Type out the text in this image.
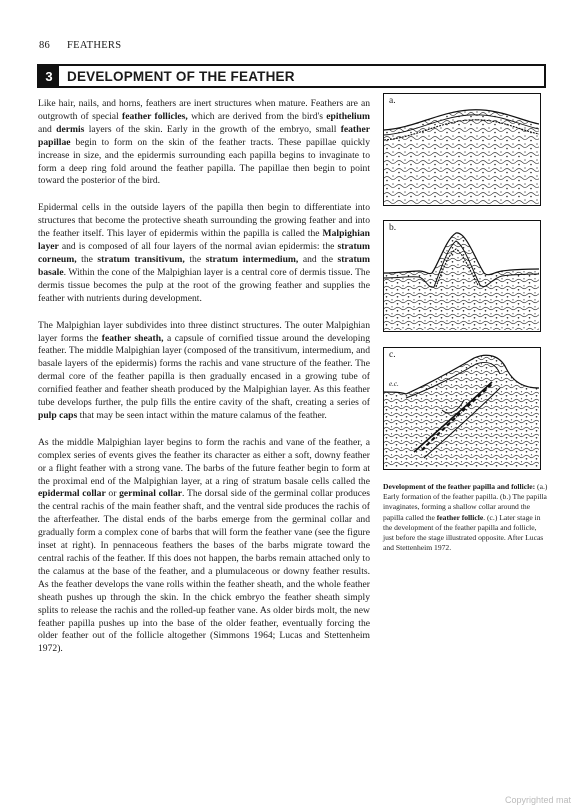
86 FEATHERS
3	DEVELOPMENT OF THE FEATHER

Like hair, nails, and horns, feathers are inert structures when mature. Feathers are an outgrowth of special feather follicles, which are derived from the bird's epithelium and dermis layers of the skin. Early in the growth of the embryo, small feather papillae begin to form on the skin of the feather tracts. These papillae quickly increase in size, and the epidermis surrounding each papilla begins to invaginate to form a deep ring fold around the feather papilla. The papillae then begin to point toward the posterior of the bird.

Epidermal cells in the outside layers of the papilla then begin to differentiate into structures that become the protective sheath surrounding the growing feather and into the feather itself. This layer of epidermis within the papilla is called the Malpighian layer and is composed of all four layers of the normal avian epidermis: the stratum corneum, the stratum transitivum, the stratum intermedium, and the stratum basale. Within the cone of the Malpighian layer is a central core of dermis tissue. The dermis tissue becomes the pulp at the root of the growing feather and supplies the feather with nutrients during development.

The Malpighian layer subdivides into three distinct structures. The outer Malpighian layer forms the feather sheath, a capsule of cornified tissue around the developing feather. The middle Malpighian layer (composed of the transitivum, intermedium, and basale layers of the epidermis) forms the rachis and vane structure of the feather. The dermal core of the feather papilla is then gradually encased in a growing tube of cornified feather and feather sheath produced by the Malpighian layer. As this feather tube develops further, the pulp fills the entire cavity of the shaft, creating a series of pulp caps that may be seen intact within the mature calamus of the feather.

As the middle Malpighian layer begins to form the rachis and vane of the feather, a complex series of events gives the feather its character as either a soft, downy feather or a flight feather with a strong vane. The barbs of the future feather begin to form at the proximal end of the Malpighian layer, at a ring of stratum basale cells called the epidermal collar or germinal collar. The dorsal side of the germinal collar produces the central rachis of the main feather shaft, and the ventral side produces the rachis of the afterfeather. The distal ends of the barbs emerge from the germinal collar and gradually form a complex cone of barbs that will form the feather vane (see the figure inset at right). In pennaceous feathers the bases of the barbs migrate toward the central rachis of the feather. If this does not happen, the barbs remain attached only to the calamus at the base of the feather, and a plumulaceous or downy feather results. As the feather develops the vane rolls within the feather sheath, and the whole feather sheath pushes up through the skin. In the chick embryo the feather sheath simply splits to release the rachis and the rolled-up feather vane. As older birds molt, the new feather papilla pushes up into the base of the older feather, eventually forcing the older feather out of the follicle altogether (Simmons 1964; Lucas and Stettenheim 1972).

a.
b.
c.
e.c.
Development of the feather papilla and follicle: (a.) Early formation of the feather papilla. (b.) The papilla invaginates, forming a shallow collar around the papilla called the feather follicle. (c.) Later stage in the development of the feather papilla and follicle, just before the stage illustrated opposite. After Lucas and Stettenheim 1972.
Copyrighted mat
